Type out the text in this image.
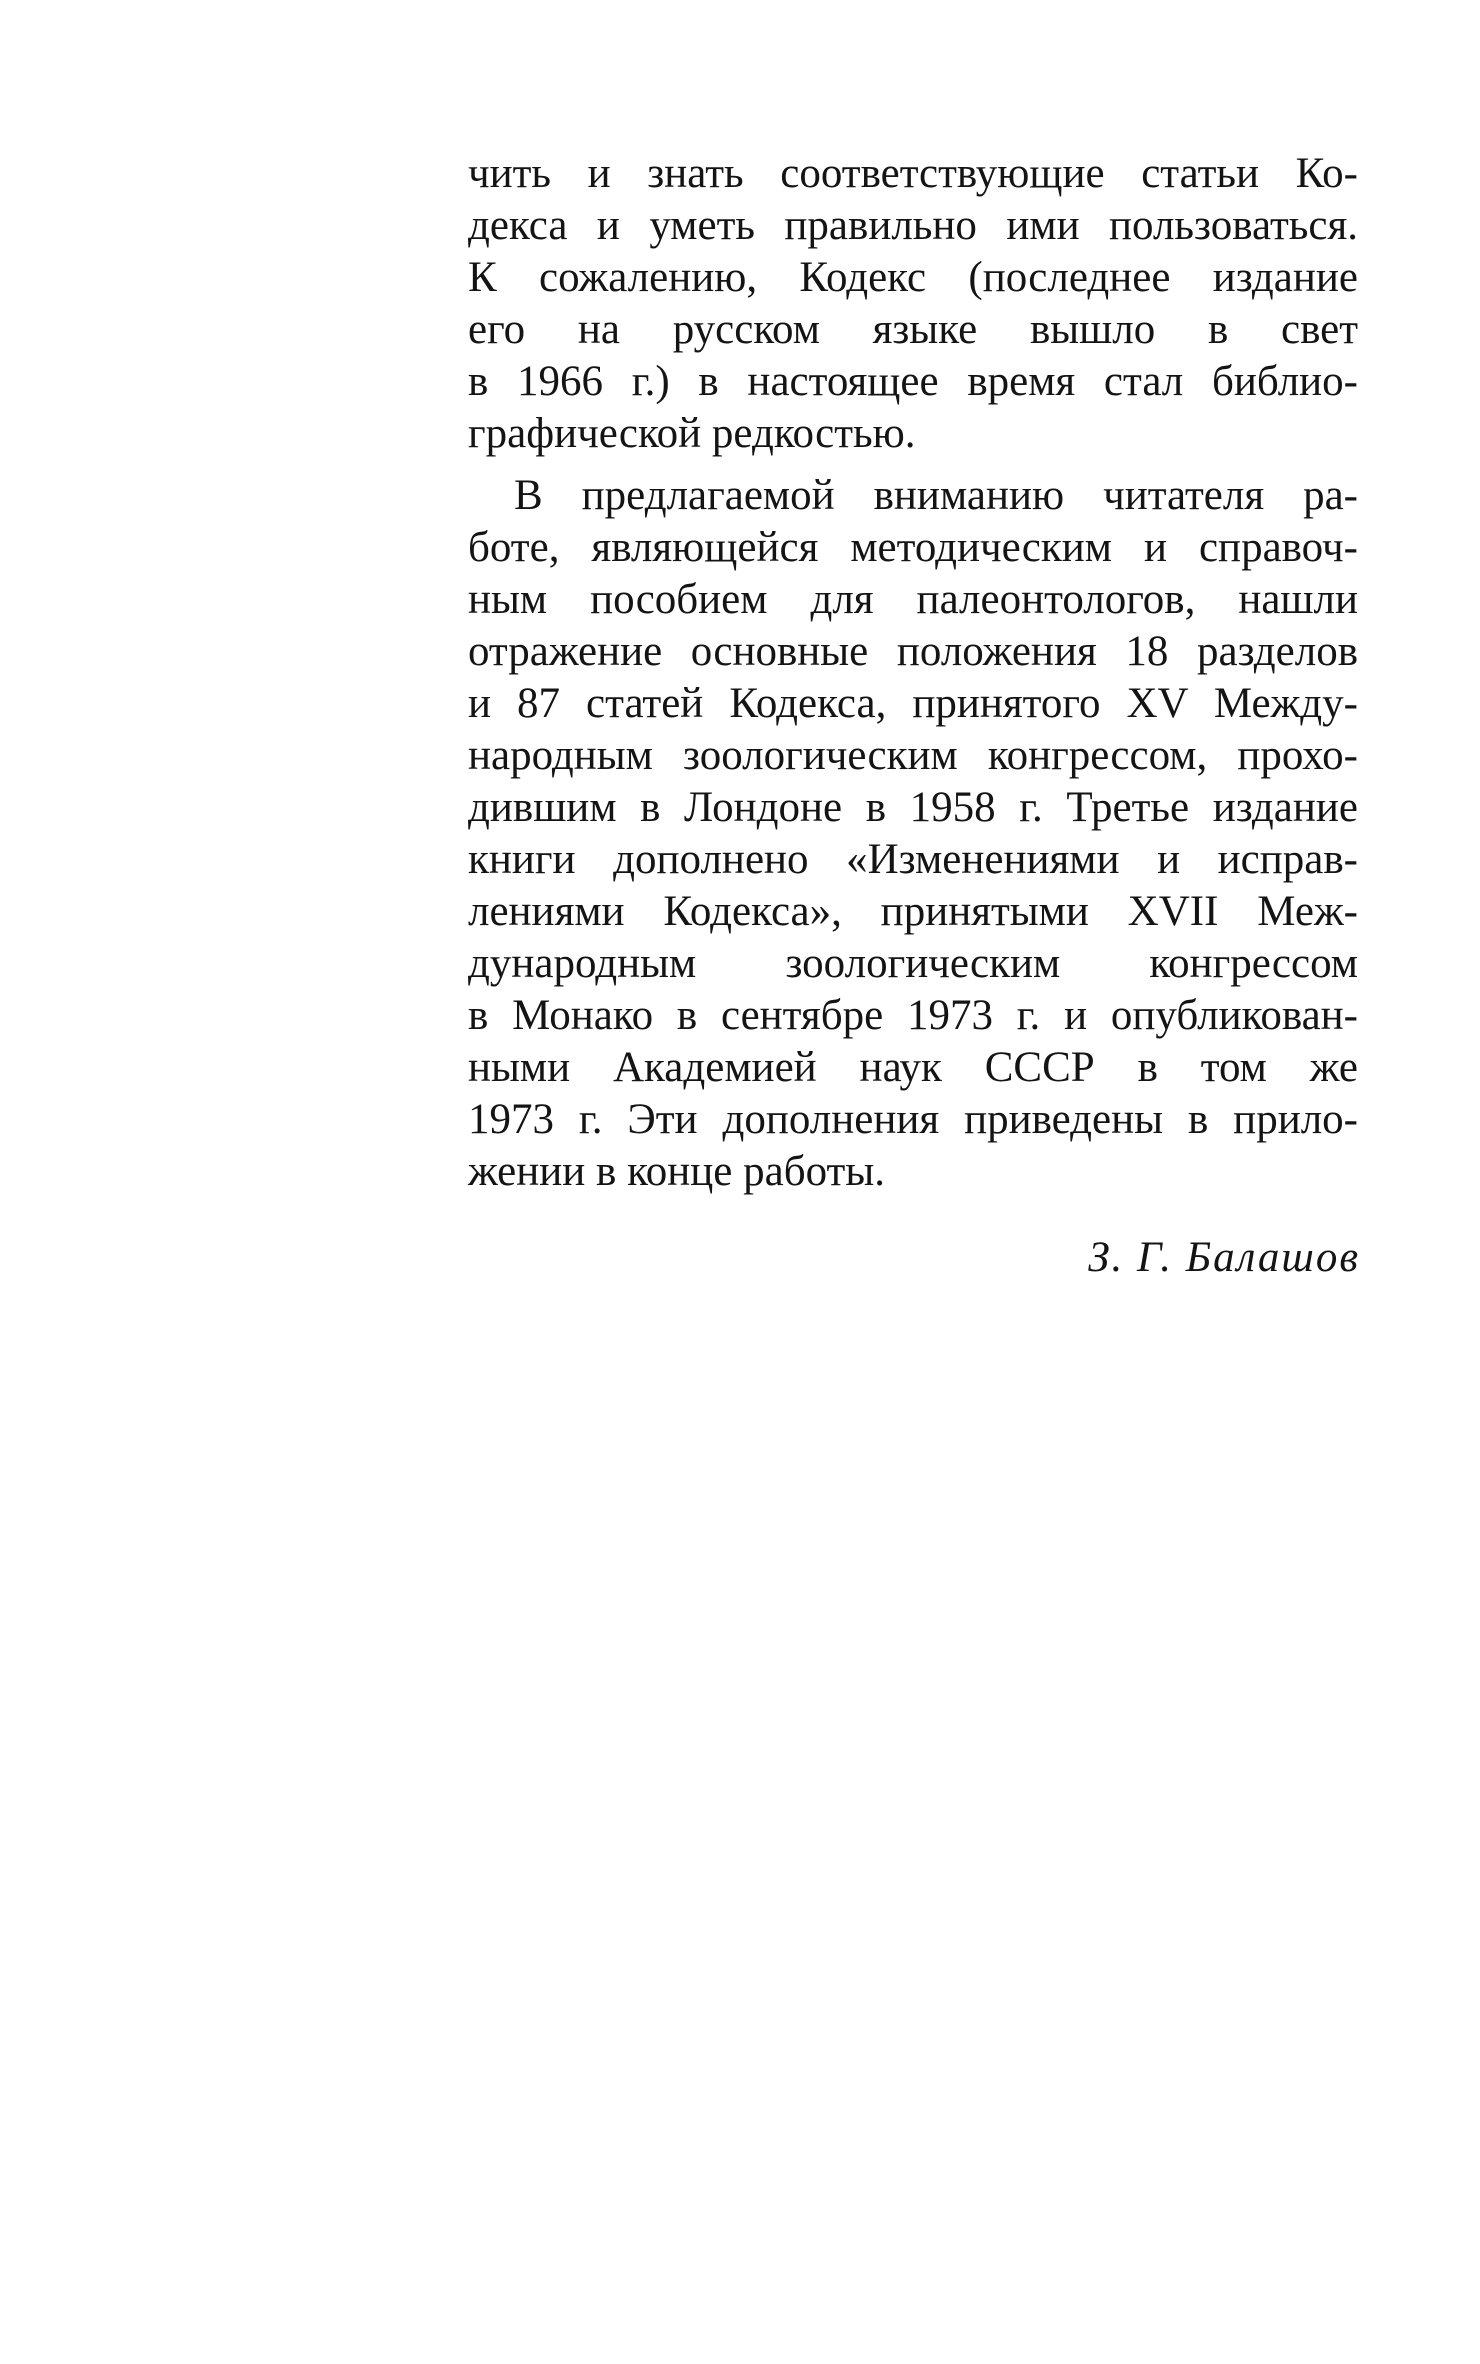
чить и знать соответствующие статьи Ко-
декса и уметь правильно ими пользоваться.
К сожалению, Кодекс (последнее издание
его на русском языке вышло в свет
в 1966 г.) в настоящее время стал библио-
графической редкостью.
В предлагаемой вниманию читателя ра-
боте, являющейся методическим и справоч-
ным пособием для палеонтологов, нашли
отражение основные положения 18 разделов
и 87 статей Кодекса, принятого XV Между-
народным зоологическим конгрессом, прохо-
дившим в Лондоне в 1958 г. Третье издание
книги дополнено «Изменениями и исправ-
лениями Кодекса», принятыми XVII Меж-
дународным зоологическим конгрессом
в Монако в сентябре 1973 г. и опубликован-
ными Академией наук СССР в том же
1973 г. Эти дополнения приведены в прило-
жении в конце работы.
З. Г. Балашов
